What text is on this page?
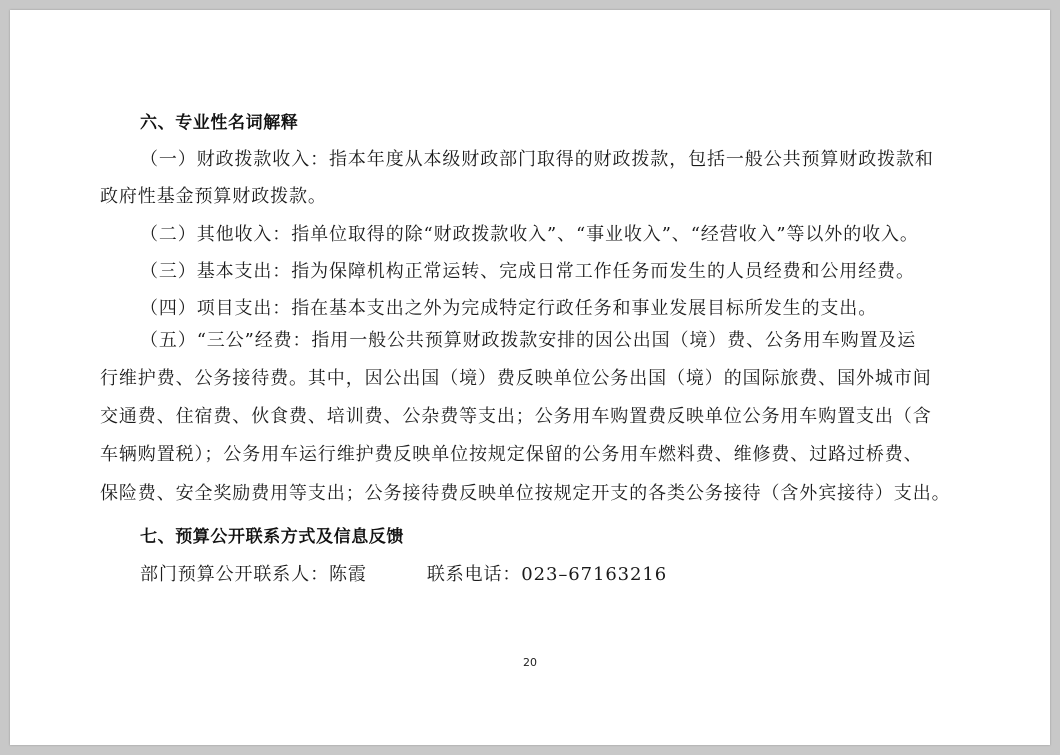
六、专业性名词解释
（一）财政拨款收入：指本年度从本级财政部门取得的财政拨款，包括一般公共预算财政拨款和
政府性基金预算财政拨款。
（二）其他收入：指单位取得的除“财政拨款收入”、“事业收入”、“经营收入”等以外的收入。
（三）基本支出：指为保障机构正常运转、完成日常工作任务而发生的人员经费和公用经费。
（四）项目支出：指在基本支出之外为完成特定行政任务和事业发展目标所发生的支出。
（五）“三公”经费：指用一般公共预算财政拨款安排的因公出国（境）费、公务用车购置及运
行维护费、公务接待费。其中，因公出国（境）费反映单位公务出国（境）的国际旅费、国外城市间
交通费、住宿费、伙食费、培训费、公杂费等支出；公务用车购置费反映单位公务用车购置支出（含
车辆购置税）；公务用车运行维护费反映单位按规定保留的公务用车燃料费、维修费、过路过桥费、
保险费、安全奖励费用等支出；公务接待费反映单位按规定开支的各类公务接待（含外宾接待）支出。
七、预算公开联系方式及信息反馈
部门预算公开联系人：陈霞	联系电话：023–67163216
20
